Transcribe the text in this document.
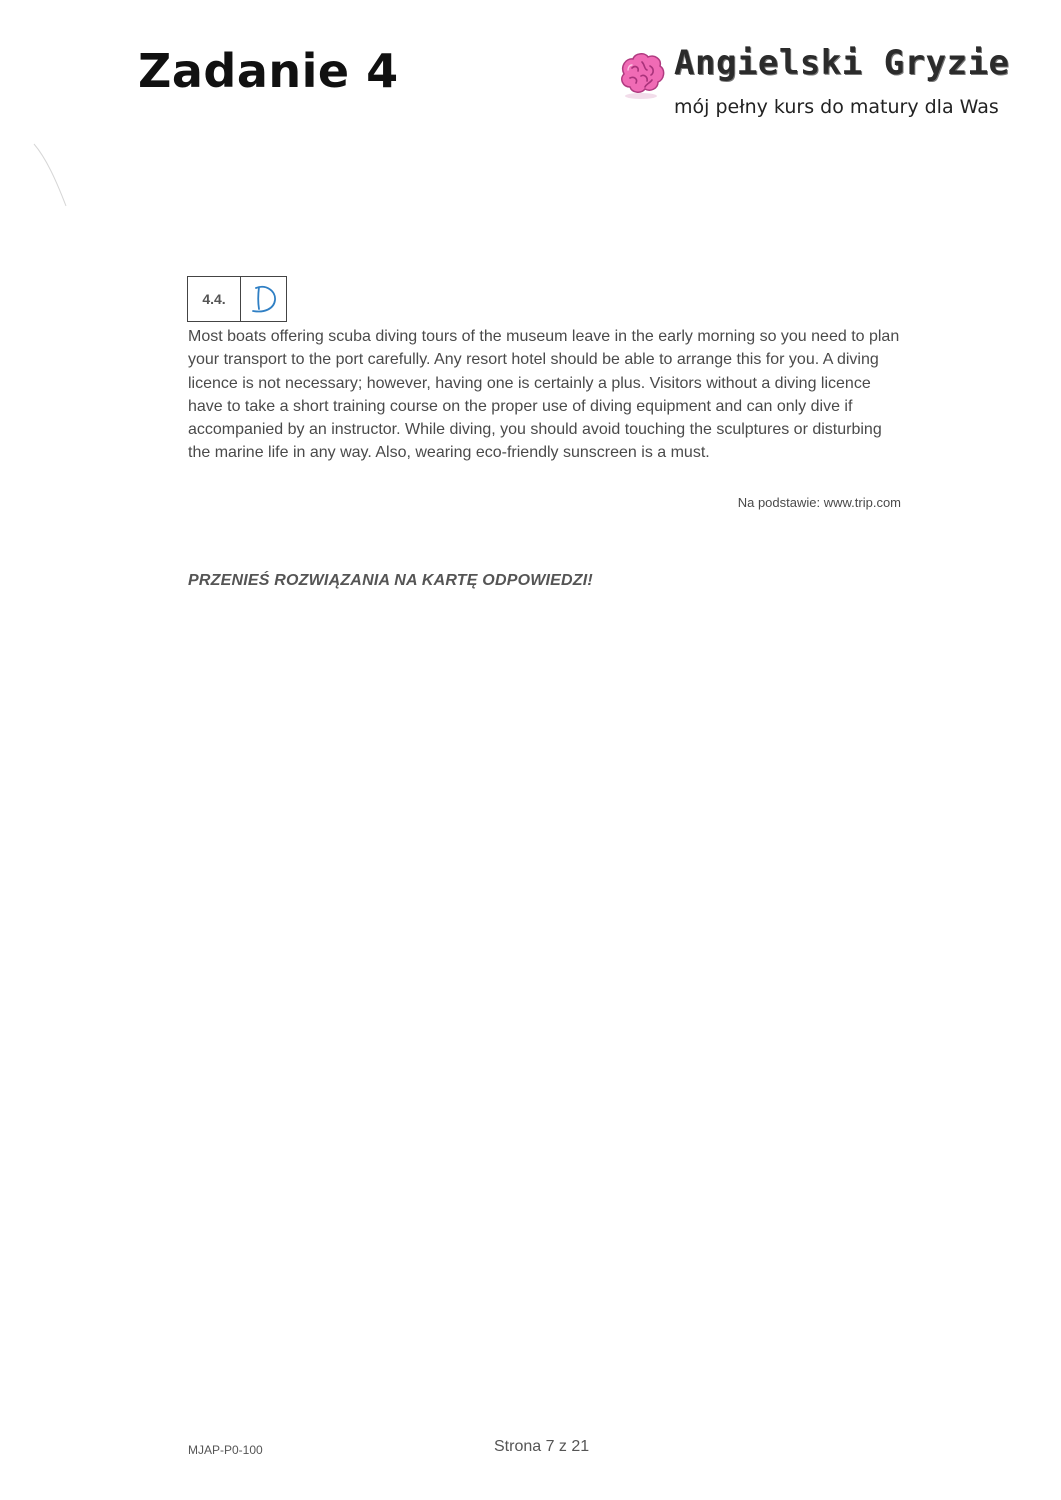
Zadanie 4	Angielski Gryzie
mój pełny kurs do matury dla Was
4.4.

Most boats offering scuba diving tours of the museum leave in the early morning so you need to plan your transport to the port carefully. Any resort hotel should be able to arrange this for you. A diving licence is not necessary; however, having one is certainly a plus. Visitors without a diving licence have to take a short training course on the proper use of diving equipment and can only dive if accompanied by an instructor. While diving, you should avoid touching the sculptures or disturbing the marine life in any way. Also, wearing eco-friendly sunscreen is a must.

Na podstawie: www.trip.com
PRZENIEŚ ROZWIĄZANIA NA KARTĘ ODPOWIEDZI!
MJAP-P0-100	Strona 7 z 21
